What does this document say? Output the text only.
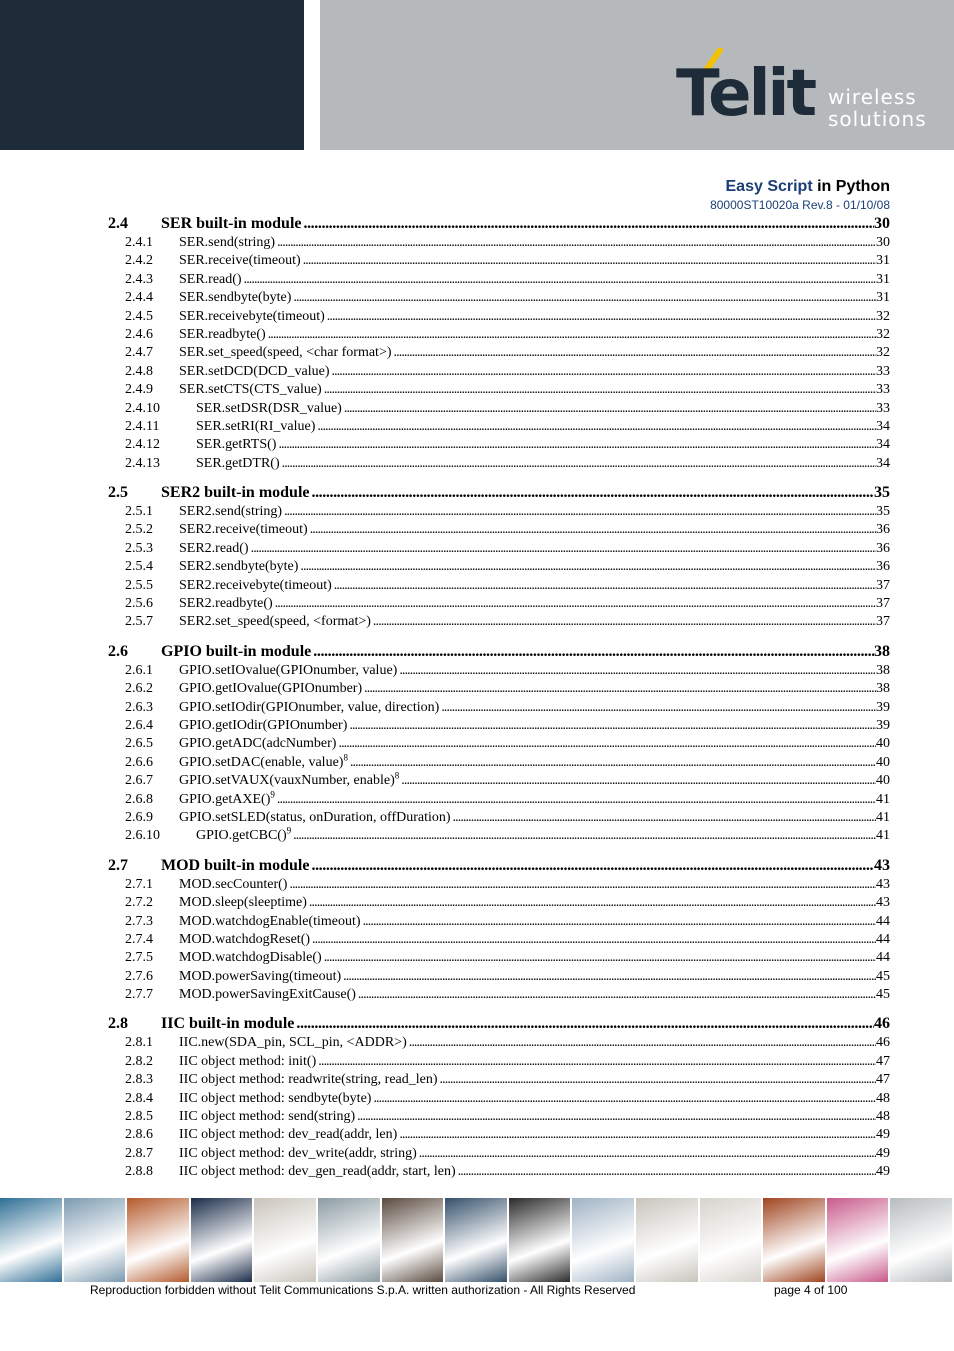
Telit wireless
solutions
Easy Script in Python
80000ST10020a Rev.8 - 01/10/08
2.4	SER built-in module . . .	30
2.4.1	SER.send(string) . . .	30
2.4.2	SER.receive(timeout) . . .	31
2.4.3	SER.read() . . .	31
2.4.4	SER.sendbyte(byte) . . .	31
2.4.5	SER.receivebyte(timeout) . . .	32
2.4.6	SER.readbyte() . . .	32
2.4.7	SER.set_speed(speed, <char format>) . . .	32
2.4.8	SER.setDCD(DCD_value) . . .	33
2.4.9	SER.setCTS(CTS_value) . . .	33
2.4.10	SER.setDSR(DSR_value) . . .	33
2.4.11	SER.setRI(RI_value) . . .	34
2.4.12	SER.getRTS() . . .	34
2.4.13	SER.getDTR() . . .	34
2.5	SER2 built-in module . . .	35
2.5.1	SER2.send(string) . . .	35
2.5.2	SER2.receive(timeout) . . .	36
2.5.3	SER2.read() . . .	36
2.5.4	SER2.sendbyte(byte) . . .	36
2.5.5	SER2.receivebyte(timeout) . . .	37
2.5.6	SER2.readbyte() . . .	37
2.5.7	SER2.set_speed(speed, <format>) . . .	37
2.6	GPIO built-in module . . .	38
2.6.1	GPIO.setIOvalue(GPIOnumber, value) . . .	38
2.6.2	GPIO.getIOvalue(GPIOnumber) . . .	38
2.6.3	GPIO.setIOdir(GPIOnumber, value, direction) . . .	39
2.6.4	GPIO.getIOdir(GPIOnumber) . . .	39
2.6.5	GPIO.getADC(adcNumber) . . .	40
2.6.6	GPIO.setDAC(enable, value)$^8$ . . .	40
2.6.7	GPIO.setVAUX(vauxNumber, enable)$^8$ . . .	40
2.6.8	GPIO.getAXE()$^9$ . . .	41
2.6.9	GPIO.setSLED(status, onDuration, offDuration) . . .	41
2.6.10	GPIO.getCBC()$^9$ . . .	41
2.7	MOD built-in module . . .	43
2.7.1	MOD.secCounter() . . .	43
2.7.2	MOD.sleep(sleeptime) . . .	43
2.7.3	MOD.watchdogEnable(timeout) . . .	44
2.7.4	MOD.watchdogReset() . . .	44
2.7.5	MOD.watchdogDisable() . . .	44
2.7.6	MOD.powerSaving(timeout) . . .	45
2.7.7	MOD.powerSavingExitCause() . . .	45
2.8	IIC built-in module . . .	46
2.8.1	IIC.new(SDA_pin, SCL_pin, <ADDR>) . . .	46
2.8.2	IIC object method: init() . . .	47
2.8.3	IIC object method: readwrite(string, read_len) . . .	47
2.8.4	IIC object method: sendbyte(byte) . . .	48
2.8.5	IIC object method: send(string) . . .	48
2.8.6	IIC object method: dev_read(addr, len) . . .	49
2.8.7	IIC object method: dev_write(addr, string) . . .	49
2.8.8	IIC object method: dev_gen_read(addr, start, len) . . .	49
Reproduction forbidden without Telit Communications S.p.A. written authorization - All Rights Reserved	page 4 of 100
